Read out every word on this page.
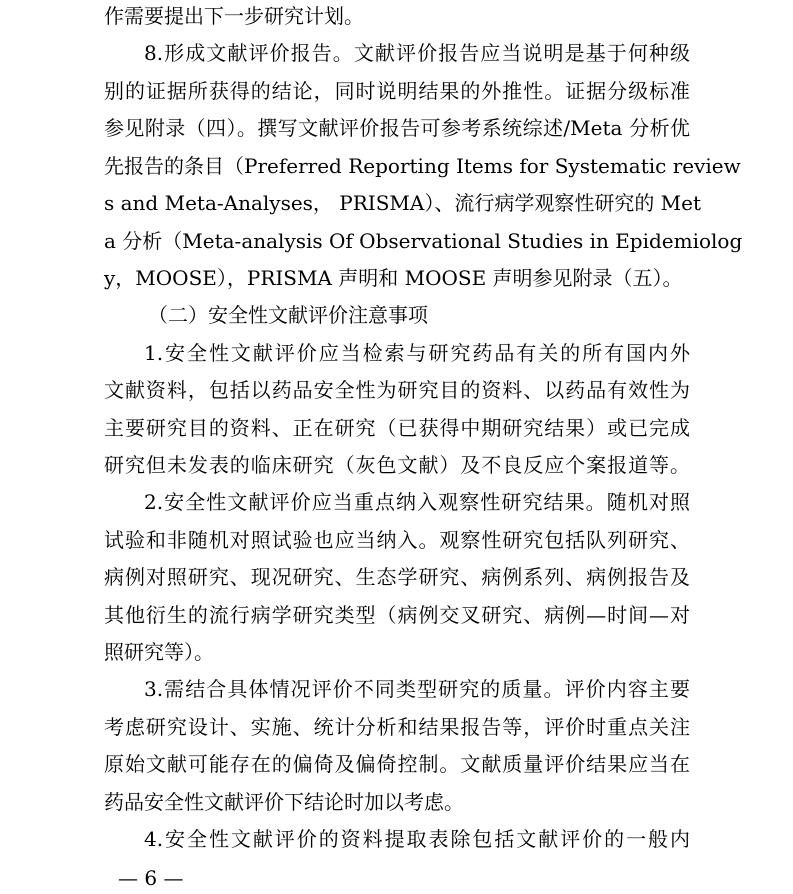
作需要提出下一步研究计划。
8.形成文献评价报告。文献评价报告应当说明是基于何种级
别的证据所获得的结论，同时说明结果的外推性。证据分级标准
参见附录（四）。撰写文献评价报告可参考系统综述/Meta 分析优
先报告的条目（Preferred Reporting Items for Systematic review
s and Meta-Analyses， PRISMA）、流行病学观察性研究的 Met
a 分析（Meta-analysis Of Observational Studies in Epidemiolog
y，MOOSE），PRISMA 声明和 MOOSE 声明参见附录（五）。
（二）安全性文献评价注意事项
1.安全性文献评价应当检索与研究药品有关的所有国内外
文献资料，包括以药品安全性为研究目的资料、以药品有效性为
主要研究目的资料、正在研究（已获得中期研究结果）或已完成
研究但未发表的临床研究（灰色文献）及不良反应个案报道等。
2.安全性文献评价应当重点纳入观察性研究结果。随机对照
试验和非随机对照试验也应当纳入。观察性研究包括队列研究、
病例对照研究、现况研究、生态学研究、病例系列、病例报告及
其他衍生的流行病学研究类型（病例交叉研究、病例—时间—对
照研究等）。
3.需结合具体情况评价不同类型研究的质量。评价内容主要
考虑研究设计、实施、统计分析和结果报告等，评价时重点关注
原始文献可能存在的偏倚及偏倚控制。文献质量评价结果应当在
药品安全性文献评价下结论时加以考虑。
4.安全性文献评价的资料提取表除包括文献评价的一般内
— 6 —
